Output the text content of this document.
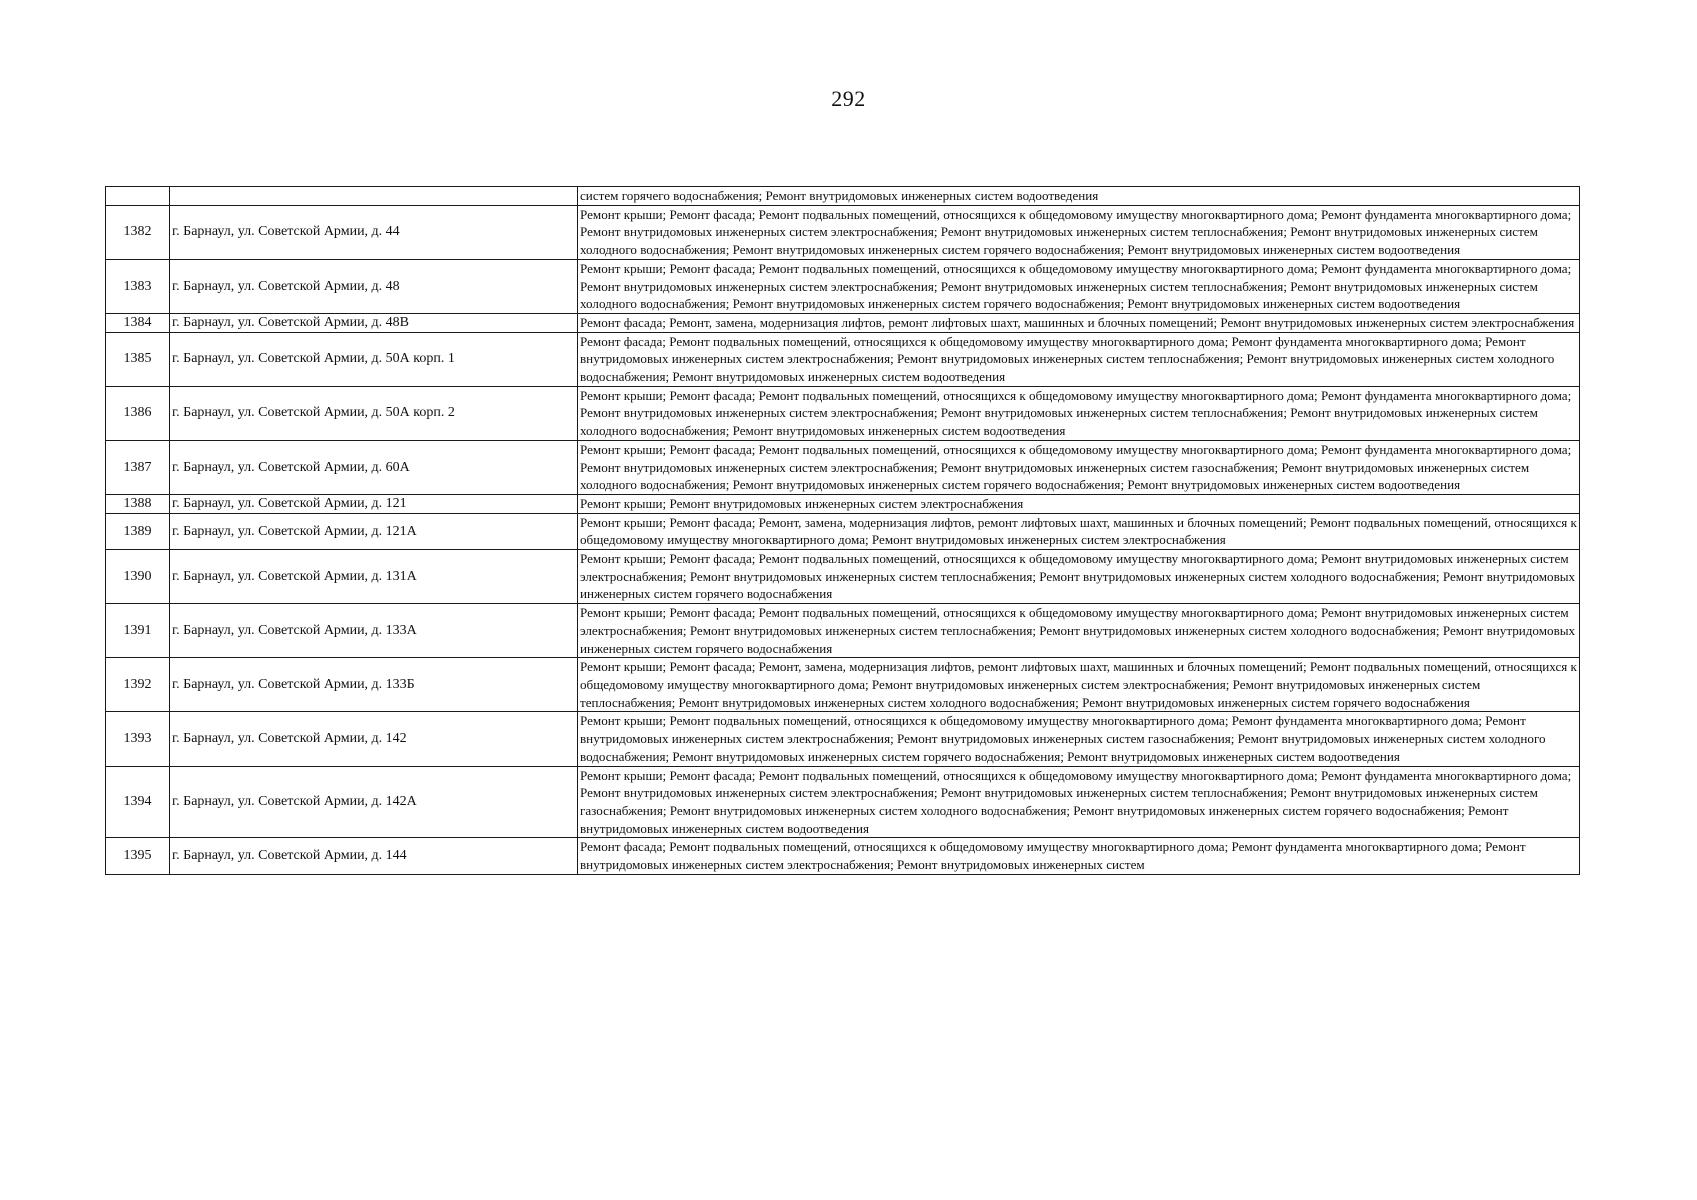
292
		систем горячего водоснабжения; Ремонт внутридомовых инженерных систем водоотведения
1382	г. Барнаул, ул. Советской Армии, д. 44	Ремонт крыши; Ремонт фасада; Ремонт подвальных помещений, относящихся к общедомовому имуществу многоквартирного дома; Ремонт фундамента многоквартирного дома; Ремонт внутридомовых инженерных систем электроснабжения; Ремонт внутридомовых инженерных систем теплоснабжения; Ремонт внутридомовых инженерных систем холодного водоснабжения; Ремонт внутридомовых инженерных систем горячего водоснабжения; Ремонт внутридомовых инженерных систем водоотведения
1383	г. Барнаул, ул. Советской Армии, д. 48	Ремонт крыши; Ремонт фасада; Ремонт подвальных помещений, относящихся к общедомовому имуществу многоквартирного дома; Ремонт фундамента многоквартирного дома; Ремонт внутридомовых инженерных систем электроснабжения; Ремонт внутридомовых инженерных систем теплоснабжения; Ремонт внутридомовых инженерных систем холодного водоснабжения; Ремонт внутридомовых инженерных систем горячего водоснабжения; Ремонт внутридомовых инженерных систем водоотведения
1384	г. Барнаул, ул. Советской Армии, д. 48В	Ремонт фасада; Ремонт, замена, модернизация лифтов, ремонт лифтовых шахт, машинных и блочных помещений; Ремонт внутридомовых инженерных систем электроснабжения
1385	г. Барнаул, ул. Советской Армии, д. 50А корп. 1	Ремонт фасада; Ремонт подвальных помещений, относящихся к общедомовому имуществу многоквартирного дома; Ремонт фундамента многоквартирного дома; Ремонт внутридомовых инженерных систем электроснабжения; Ремонт внутридомовых инженерных систем теплоснабжения; Ремонт внутридомовых инженерных систем холодного водоснабжения; Ремонт внутридомовых инженерных систем водоотведения
1386	г. Барнаул, ул. Советской Армии, д. 50А корп. 2	Ремонт крыши; Ремонт фасада; Ремонт подвальных помещений, относящихся к общедомовому имуществу многоквартирного дома; Ремонт фундамента многоквартирного дома; Ремонт внутридомовых инженерных систем электроснабжения; Ремонт внутридомовых инженерных систем теплоснабжения; Ремонт внутридомовых инженерных систем холодного водоснабжения; Ремонт внутридомовых инженерных систем водоотведения
1387	г. Барнаул, ул. Советской Армии, д. 60А	Ремонт крыши; Ремонт фасада; Ремонт подвальных помещений, относящихся к общедомовому имуществу многоквартирного дома; Ремонт фундамента многоквартирного дома; Ремонт внутридомовых инженерных систем электроснабжения; Ремонт внутридомовых инженерных систем газоснабжения; Ремонт внутридомовых инженерных систем холодного водоснабжения; Ремонт внутридомовых инженерных систем горячего водоснабжения; Ремонт внутридомовых инженерных систем водоотведения
1388	г. Барнаул, ул. Советской Армии, д. 121	Ремонт крыши; Ремонт внутридомовых инженерных систем электроснабжения
1389	г. Барнаул, ул. Советской Армии, д. 121А	Ремонт крыши; Ремонт фасада; Ремонт, замена, модернизация лифтов, ремонт лифтовых шахт, машинных и блочных помещений; Ремонт подвальных помещений, относящихся к общедомовому имуществу многоквартирного дома; Ремонт внутридомовых инженерных систем электроснабжения
1390	г. Барнаул, ул. Советской Армии, д. 131А	Ремонт крыши; Ремонт фасада; Ремонт подвальных помещений, относящихся к общедомовому имуществу многоквартирного дома; Ремонт внутридомовых инженерных систем электроснабжения; Ремонт внутридомовых инженерных систем теплоснабжения; Ремонт внутридомовых инженерных систем холодного водоснабжения; Ремонт внутридомовых инженерных систем горячего водоснабжения
1391	г. Барнаул, ул. Советской Армии, д. 133А	Ремонт крыши; Ремонт фасада; Ремонт подвальных помещений, относящихся к общедомовому имуществу многоквартирного дома; Ремонт внутридомовых инженерных систем электроснабжения; Ремонт внутридомовых инженерных систем теплоснабжения; Ремонт внутридомовых инженерных систем холодного водоснабжения; Ремонт внутридомовых инженерных систем горячего водоснабжения
1392	г. Барнаул, ул. Советской Армии, д. 133Б	Ремонт крыши; Ремонт фасада; Ремонт, замена, модернизация лифтов, ремонт лифтовых шахт, машинных и блочных помещений; Ремонт подвальных помещений, относящихся к общедомовому имуществу многоквартирного дома; Ремонт внутридомовых инженерных систем электроснабжения; Ремонт внутридомовых инженерных систем теплоснабжения; Ремонт внутридомовых инженерных систем холодного водоснабжения; Ремонт внутридомовых инженерных систем горячего водоснабжения
1393	г. Барнаул, ул. Советской Армии, д. 142	Ремонт крыши; Ремонт подвальных помещений, относящихся к общедомовому имуществу многоквартирного дома; Ремонт фундамента многоквартирного дома; Ремонт внутридомовых инженерных систем электроснабжения; Ремонт внутридомовых инженерных систем газоснабжения; Ремонт внутридомовых инженерных систем холодного водоснабжения; Ремонт внутридомовых инженерных систем горячего водоснабжения; Ремонт внутридомовых инженерных систем водоотведения
1394	г. Барнаул, ул. Советской Армии, д. 142А	Ремонт крыши; Ремонт фасада; Ремонт подвальных помещений, относящихся к общедомовому имуществу многоквартирного дома; Ремонт фундамента многоквартирного дома; Ремонт внутридомовых инженерных систем электроснабжения; Ремонт внутридомовых инженерных систем теплоснабжения; Ремонт внутридомовых инженерных систем газоснабжения; Ремонт внутридомовых инженерных систем холодного водоснабжения; Ремонт внутридомовых инженерных систем горячего водоснабжения; Ремонт внутридомовых инженерных систем водоотведения
1395	г. Барнаул, ул. Советской Армии, д. 144	Ремонт фасада; Ремонт подвальных помещений, относящихся к общедомовому имуществу многоквартирного дома; Ремонт фундамента многоквартирного дома; Ремонт внутридомовых инженерных систем электроснабжения; Ремонт внутридомовых инженерных систем
